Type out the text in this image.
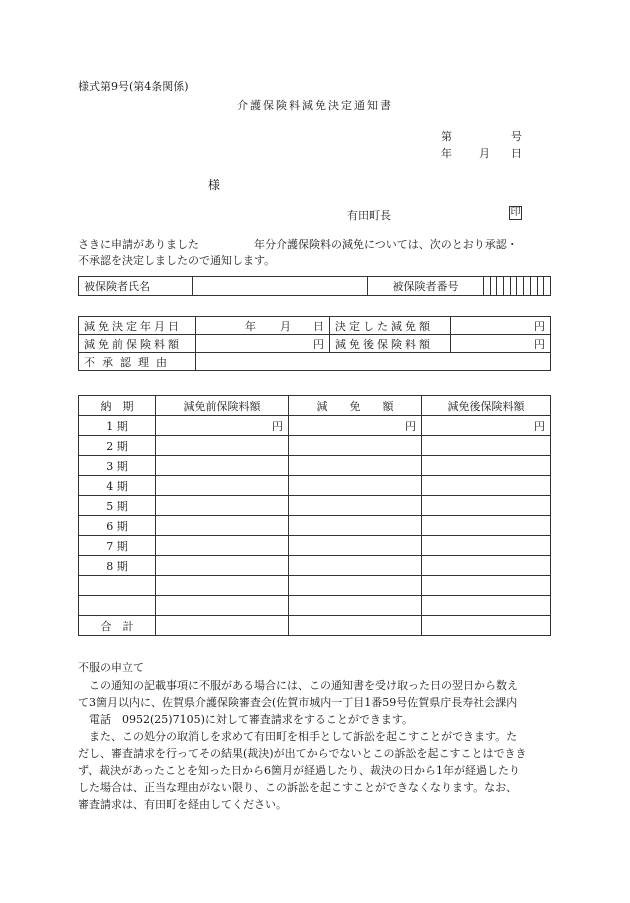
様式第9号(第4条関係)
介護保険料減免決定通知書
第	号
年 月 日
様
有田町長	印
さきに申請がありました　　　　　年分介護保険料の減免については、次のとおり承認・
不承認を決定しましたので通知します。
被保険者氏名		被保険者番号										
減免決定年月日	年 月 日	決定した減免額	円
減免前保険料額	円	減免後保険料額	円
不承認理由			
納　期	減免前保険料額	減　　免　　額	減免後保険料額
1 期	円	円	円
2 期			
3 期			
4 期			
5 期			
6 期			
7 期			
8 期			

合　計			
不服の申立て
　この通知の記載事項に不服がある場合には、この通知書を受け取った日の翌日から数え
て3箇月以内に、佐賀県介護保険審査会(佐賀市城内一丁目1番59号佐賀県庁長寿社会課内
　電話　0952(25)7105)に対して審査請求をすることができます。
　また、この処分の取消しを求めて有田町を相手として訴訟を起こすことができます。た
だし、審査請求を行ってその結果(裁決)が出てからでないとこの訴訟を起こすことはできき
ず、裁決があったことを知った日から6箇月が経過したり、裁決の日から1年が経過したり
した場合は、正当な理由がない限り、この訴訟を起こすことができなくなります。なお、
審査請求は、有田町を経由してください。
